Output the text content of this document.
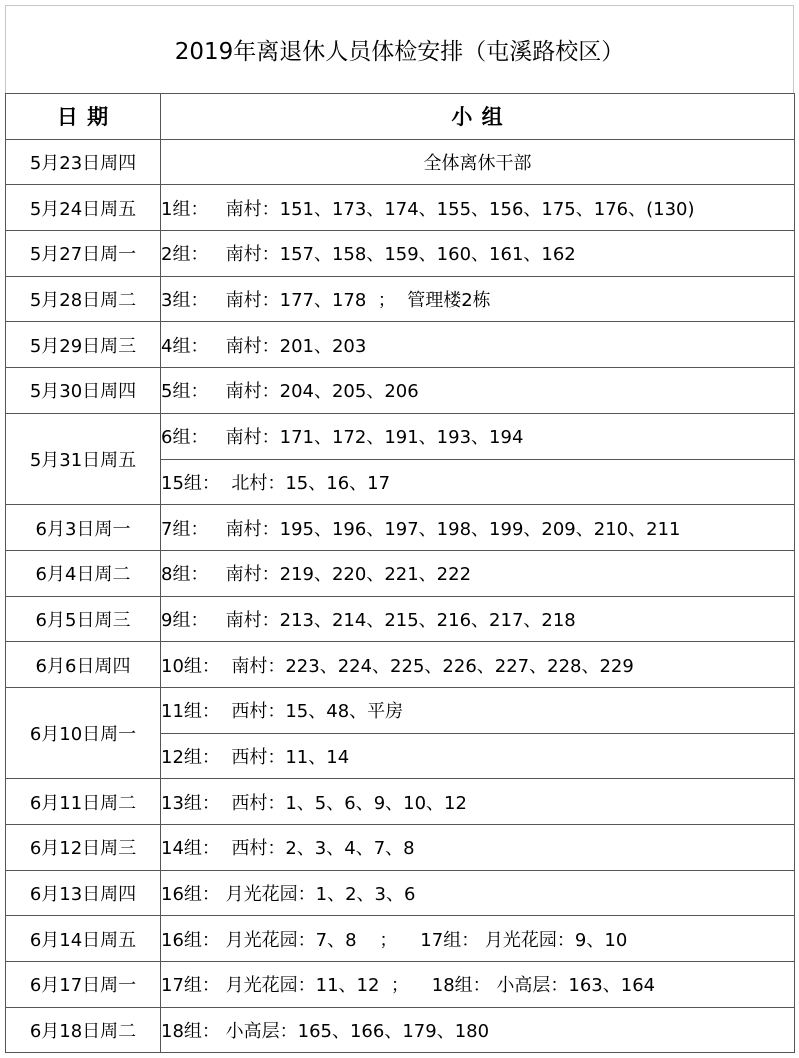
2019年离退休人员体检安排（屯溪路校区）
日 期	小 组
5月23日周四	全体离休干部
5月24日周五	1组：   南村：151、173、174、155、156、175、176、(130)
5月27日周一	2组：   南村：157、158、159、160、161、162
5月28日周二	3组：   南村：177、178  ；  管理楼2栋
5月29日周三	4组：   南村：201、203
5月30日周四	5组：   南村：204、205、206
5月31日周五	6组：   南村：171、172、191、193、194
	15组：  北村：15、16、17
6月3日周一	7组：   南村：195、196、197、198、199、209、210、211
6月4日周二	8组：   南村：219、220、221、222
6月5日周三	9组：   南村：213、214、215、216、217、218
6月6日周四	10组：  南村：223、224、225、226、227、228、229
6月10日周一	11组：  西村：15、48、平房
	12组：  西村：11、14
6月11日周二	13组：  西村：1、5、6、9、10、12
6月12日周三	14组：  西村：2、3、4、7、8
6月13日周四	16组： 月光花园：1、2、3、6
6月14日周五	16组： 月光花园：7、8    ；    17组： 月光花园：9、10
6月17日周一	17组： 月光花园：11、12  ；    18组： 小高层：163、164
6月18日周二	18组： 小高层：165、166、179、180
